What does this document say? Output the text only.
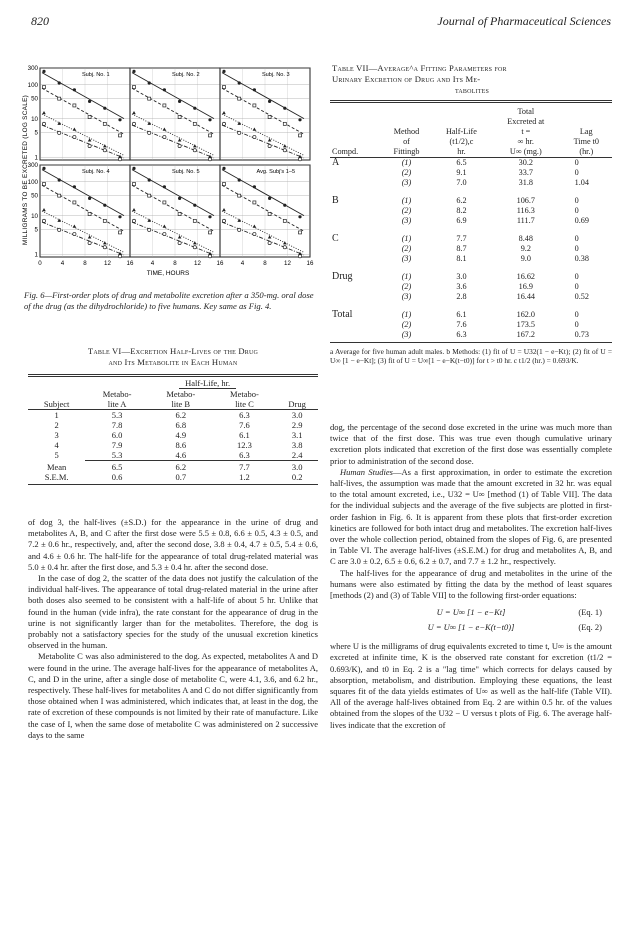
820	Journal of Pharmaceutical Sciences
MILLIGRAMS TO BE EXCRETED (LOG SCALE)
TIME, HOURS
300
100
50
10
5
1
300
100
50
10
5
1
0	4	8	12	16	4	8	12	16	4	8	12	16
Subj. No. 1	Subj. No. 2	Subj. No. 3
Subj. No. 4	Subj. No. 5	Avg. Subj's 1–5
Fig. 6—First-order plots of drug and metabolite excretion after a 350-mg. oral dose of the drug (as the dihydrochloride) to five humans. Key same as Fig. 4.
Table VI—Excretion Half-Lives of the Drug
and Its Metabolite in Each Human
	Half-Life, hr.			
	Metabo-	Metabo-	Metabo-	
Subject	lite A	lite B	lite C	Drug
1	5.3	6.2	6.3	3.0
2	7.8	6.8	7.6	2.9
3	6.0	4.9	6.1	3.1
4	7.9	8.6	12.3	3.8
5	5.3	4.6	6.3	2.4
Mean	6.5	6.2	7.7	3.0
S.E.M.	0.6	0.7	1.2	0.2

of dog 3, the half-lives (±S.D.) for the appearance in the urine of drug and metabolites A, B, and C after the first dose were 5.5 ± 0.8, 6.6 ± 0.5, 4.3 ± 0.5, and 7.2 ± 0.6 hr., respectively, and, after the second dose, 3.8 ± 0.4, 4.7 ± 0.5, 5.4 ± 0.6, and 4.6 ± 0.6 hr. The half-life for the appearance of total drug-related material was 5.0 ± 0.4 hr. after the first dose, and 5.3 ± 0.4 hr. after the second dose.

In the case of dog 2, the scatter of the data does not justify the calculation of the individual half-lives. The appearance of total drug-related material in the urine after both doses also seemed to be consistent with a half-life of about 5 hr. Unlike that found in the human (vide infra), the rate constant for the appearance of drug in the urine is not significantly larger than for the metabolites. Therefore, the dog is probably not a satisfactory species for the study of the unusual excretion kinetics observed in the human.

Metabolite C was also administered to the dog. As expected, metabolites A and D were found in the urine. The average half-lives for the appearance of metabolites A, C, and D in the urine, after a single dose of metabolite C, were 4.1, 3.6, and 6.2 hr., respectively. These half-lives for metabolites A and C do not differ significantly from those obtained when I was administered, which indicates that, at least in the dog, the rate of excretion of these compounds is not limited by their rate of manufacture. Like the case of I, when the same dose of metabolite C was administered on 2 successive days to the same

Table VII—Average^a Fitting Parameters for
Urinary Excretion of Drug and Its Me-
tabolites
			Total	
			Excreted at	
	Method	Half-Life	t =	Lag
	of	(t1/2),c	∞ hr.	Time t0
Compd.	Fittingb	hr.	U∞ (mg.)	(hr.)
A	(1)	6.5	30.2	0
	(2)	9.1	33.7	0
	(3)	7.0	31.8	1.04
B	(1)	6.2	106.7	0
	(2)	8.2	116.3	0
	(3)	6.9	111.7	0.69
C	(1)	7.7	8.48	0
	(2)	8.7	9.2	0
	(3)	8.1	9.0	0.38
Drug	(1)	3.0	16.62	0
	(2)	3.6	16.9	0
	(3)	2.8	16.44	0.52
Total	(1)	6.1	162.0	0
	(2)	7.6	173.5	0
	(3)	6.3	167.2	0.73
a Average for five human adult males. b Methods: (1) fit of U = U32(1 − e−Kt); (2) fit of U = U∞ [1 − e−Kt]; (3) fit of U = U∞[1 − e−K(t−t0)] for t > t0 hr. c t1/2 (hr.) = 0.693/K.

dog, the percentage of the second dose excreted in the urine was much more than twice that of the first dose. This was true even though cumulative urinary excretion plots indicated that excretion of the first dose was essentially complete prior to administration of the second dose.

Human Studies—As a first approximation, in order to estimate the excretion half-lives, the assumption was made that the amount excreted in 32 hr. was equal to the total amount excreted, i.e., U32 = U∞ [method (1) of Table VII]. The data for the individual subjects and the average of the five subjects are plotted in first-order fashion in Fig. 6. It is apparent from these plots that first-order excretion kinetics are followed for both intact drug and metabolites. The excretion half-lives over the whole collection period, obtained from the slopes of Fig. 6, are presented in Table VI. The average half-lives (±S.E.M.) for drug and metabolites A, B, and C are 3.0 ± 0.2, 6.5 ± 0.6, 6.2 ± 0.7, and 7.7 ± 1.2 hr., respectively.

The half-lives for the appearance of drug and metabolites in the urine of the humans were also estimated by fitting the data by the method of least squares [methods (2) and (3) of Table VII] to the following first-order equations:

U = U∞ [1 − e−Kt]	(Eq. 1)
U = U∞ [1 − e−K(t−t0)]	(Eq. 2)

where U is the milligrams of drug equivalents excreted to time t, U∞ is the amount excreted at infinite time, K is the observed rate constant for excretion (t1/2 = 0.693/K), and t0 in Eq. 2 is a "lag time" which corrects for delays caused by absorption, metabolism, and distribution. Employing these equations, the least squares fit of the data yields estimates of U∞ as well as the half-life (Table VII). All of the average half-lives obtained from Eq. 2 are within 0.5 hr. of the values obtained from the slopes of the U32 − U versus t plots of Fig. 6. The average half-lives indicate that the excretion of
